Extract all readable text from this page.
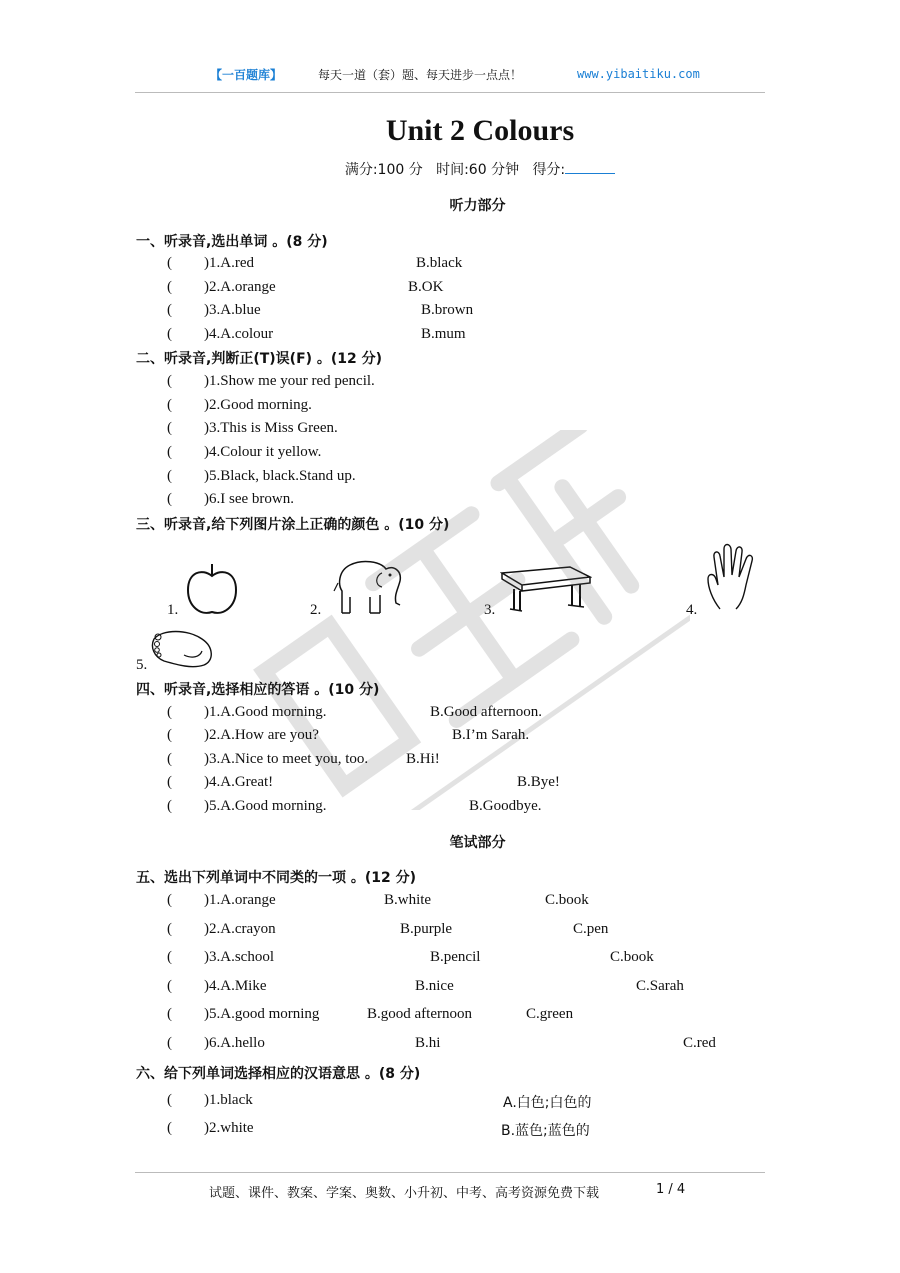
【一百题库】	每天一道（套）题、每天进步一点点！	www.yibaitiku.com
Unit 2 Colours
满分:100 分 时间:60 分钟 得分:
听力部分
一、听录音,选出单词 。(8 分)
( )1.A.red	B.black
( )2.A.orange	B.OK
( )3.A.blue	B.brown
( )4.A.colour	B.mum
二、听录音,判断正(T)误(F) 。(12 分)
( )1.Show me your red pencil.
( )2.Good morning.
( )3.This is Miss Green.
( )4.Colour it yellow.
( )5.Black, black.Stand up.
( )6.I see brown.
三、听录音,给下列图片涂上正确的颜色 。(10 分)
1.	2.	3.	4.
5.
四、听录音,选择相应的答语 。(10 分)
( )1.A.Good morning.	B.Good afternoon.
( )2.A.How are you?	B.I’m Sarah.
( )3.A.Nice to meet you, too.	B.Hi!
( )4.A.Great!	B.Bye!
( )5.A.Good morning.	B.Goodbye.
笔试部分
五、选出下列单词中不同类的一项 。(12 分)
( )1.A.orange	B.white	C.book
( )2.A.crayon	B.purple	C.pen
( )3.A.school	B.pencil	C.book
( )4.A.Mike	B.nice	C.Sarah
( )5.A.good morning	B.good afternoon	C.green
( )6.A.hello	B.hi	C.red
六、给下列单词选择相应的汉语意思 。(8 分)
( )1.black	A.白色;白色的
( )2.white	B.蓝色;蓝色的
试题、课件、教案、学案、奥数、小升初、中考、高考资源免费下载	1 / 4
